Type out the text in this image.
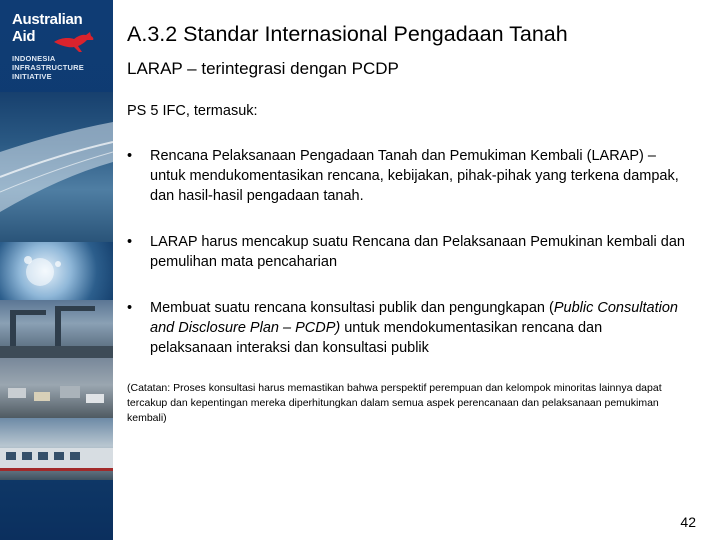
Australian
Aid
INDONESIA
INFRASTRUCTURE
INITIATIVE
A.3.2 Standar Internasional Pengadaan Tanah
LARAP – terintegrasi dengan PCDP
PS 5 IFC, termasuk:
• Rencana Pelaksanaan Pengadaan Tanah dan Pemukiman Kembali (LARAP) – untuk mendukomentasikan rencana, kebijakan, pihak-pihak yang terkena dampak, dan hasil-hasil pengadaan tanah.
• LARAP harus mencakup suatu Rencana dan Pelaksanaan Pemukinan kembali dan pemulihan mata pencaharian
• Membuat suatu rencana konsultasi publik dan pengungkapan (Public Consultation and Disclosure Plan – PCDP) untuk mendokumentasikan rencana dan pelaksanaan interaksi dan konsultasi publik
(Catatan: Proses konsultasi harus memastikan bahwa perspektif perempuan dan kelompok minoritas lainnya dapat tercakup dan kepentingan mereka diperhitungkan dalam semua aspek perencanaan dan pelaksanaan pemukiman kembali)
42
